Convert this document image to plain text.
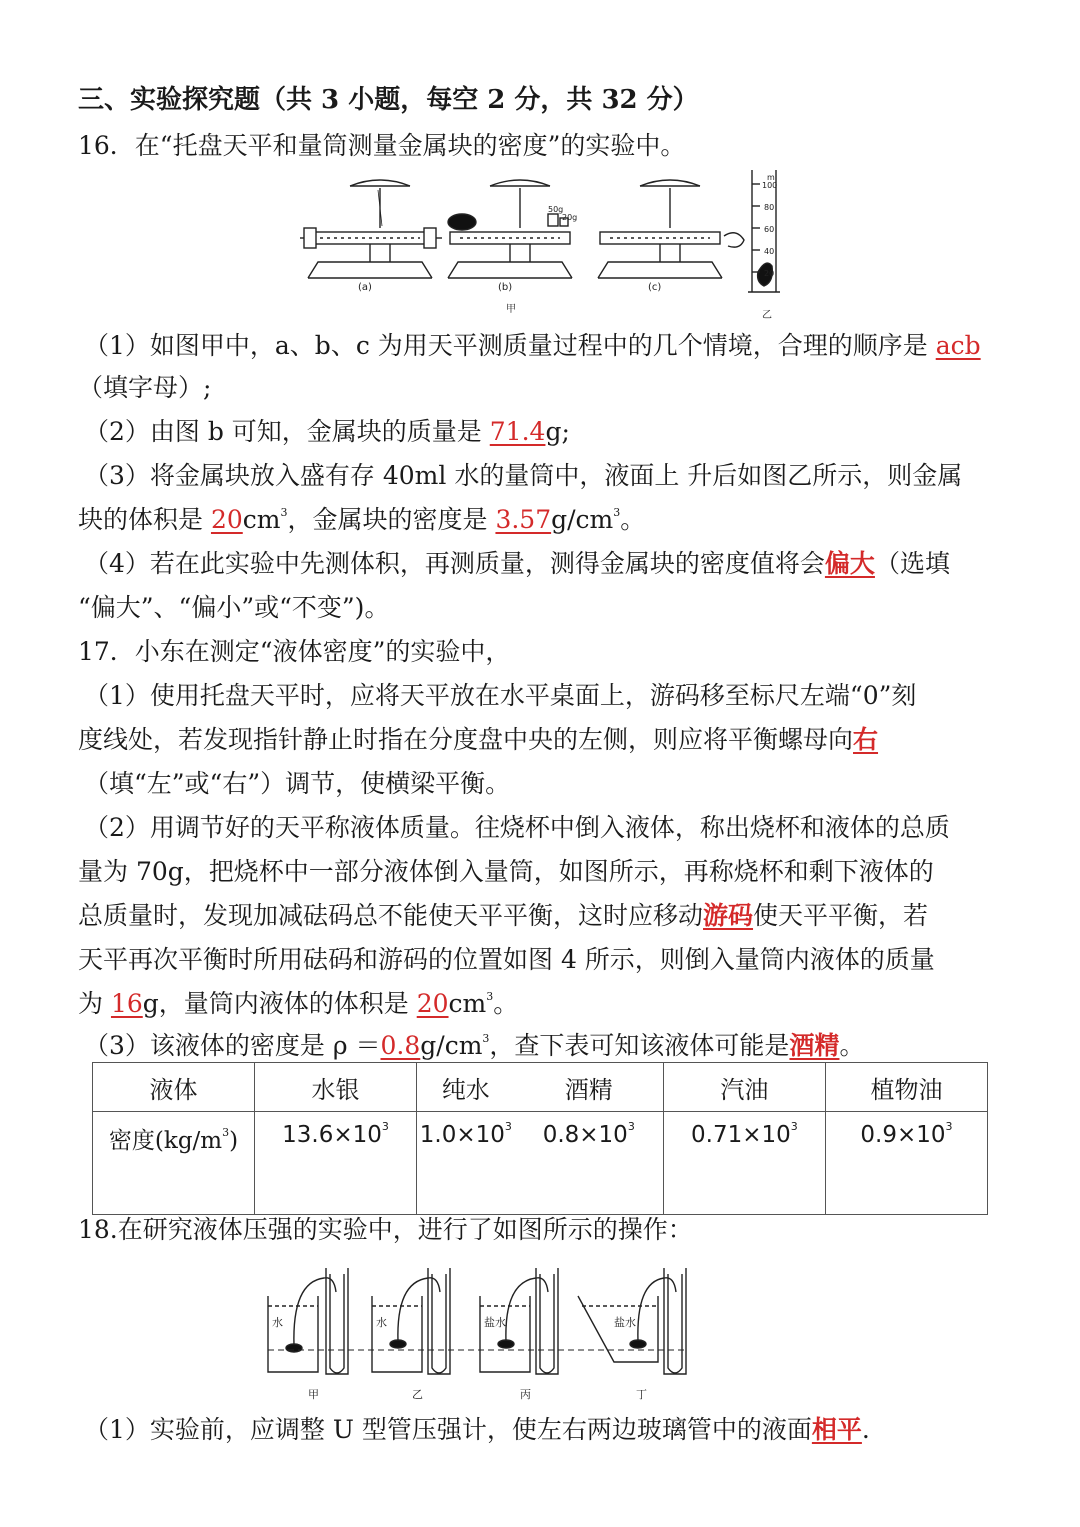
三、实验探究题（共 3 小题，每空 2 分，共 32 分）
16．在“托盘天平和量筒测量金属块的密度”的实验中。
ml
100
80
60
40
20
50g
20g
(a)	(b)	(c)
甲
乙
（1）如图甲中，a、b、c 为用天平测质量过程中的几个情境，合理的顺序是 acb
（填字母）;
（2）由图 b 可知，金属块的质量是 71.4g;
（3）将金属块放入盛有存 40ml 水的量筒中，液面上 升后如图乙所示，则金属
块的体积是 $20cm^3$，金属块的密度是 $3.57g/cm^3$。
（4）若在此实验中先测体积，再测质量，测得金属块的密度值将会偏大（选填
“偏大”、“偏小”或“不变”)。
17．小东在测定“液体密度”的实验中，
（1）使用托盘天平时，应将天平放在水平桌面上，游码移至标尺左端“0”刻
度线处，若发现指针静止时指在分度盘中央的左侧，则应将平衡螺母向右
（填“左”或“右”）调节，使横梁平衡。
（2）用调节好的天平称液体质量。往烧杯中倒入液体，称出烧杯和液体的总质
量为 70g，把烧杯中一部分液体倒入量筒，如图所示，再称烧杯和剩下液体的
总质量时，发现加减砝码总不能使天平平衡，这时应移动游码使天平平衡，若
天平再次平衡时所用砝码和游码的位置如图 4 所示，则倒入量筒内液体的质量
为 16g，量筒内液体的体积是 $20cm^3$。
（3）该液体的密度是 $\rho =0.8g/cm^3$，查下表可知该液体可能是酒精。
液体	水银	纯水	酒精	汽油	植物油
密度$(kg/m^3)$	$13.6\times 10^3$	$1.0\times 10^3$	$0.8\times 10^3$	$0.71\times 10^3$	$0.9\times 10^3$
18.在研究液体压强的实验中，进行了如图所示的操作：
水	水	盐水	盐水
甲	乙	丙	丁
（1）实验前，应调整 U 型管压强计，使左右两边玻璃管中的液面相平.
